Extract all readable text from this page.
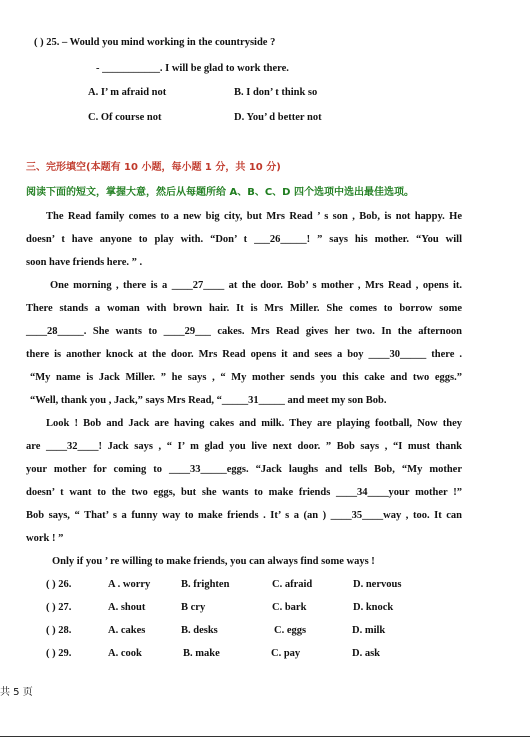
( ) 25. – Would you mind working in the countryside ?
- ___________. I will be glad to work there.
A. I’ m afraid not	B. I don’ t think so
C. Of course not	D. You’ d better not
三、完形填空(本题有 10 小题，每小题 1 分，共 10 分)
阅读下面的短文，掌握大意，然后从每题所给 A、B、C、D 四个选项中选出最佳选项。
The Read family comes to a new big city, but Mrs Read ’ s son , Bob, is not happy. He
doesn’ t have anyone to play with. “Don’ t ___26_____! ” says his mother. “You will
soon have friends here. ” .
One morning , there is a ____27____ at the door. Bob’ s mother , Mrs Read , opens it.
There stands a woman with brown hair. It is Mrs Miller. She comes to borrow some
____28_____. She wants to ____29___ cakes. Mrs Read gives her two. In the afternoon
there is another knock at the door. Mrs Read opens it and sees a boy ____30_____ there .
“My name is Jack Miller. ” he says , “ My mother sends you this cake and two eggs.”
“Well, thank you , Jack,” says Mrs Read, “_____31_____ and meet my son Bob.
Look ! Bob and Jack are having cakes and milk. They are playing football, Now they
are ____32____! Jack says , “ I’ m glad you live next door. ” Bob says , “I must thank
your mother for coming to ____33_____eggs. “Jack laughs and tells Bob, “My mother
doesn’ t want to the two eggs, but she wants to make friends ____34____your mother !”
Bob says, “ That’ s a funny way to make friends . It’ s a (an ) ____35____way , too. It can
work ! ”
Only if you ’ re willing to make friends, you can always find some ways !
( ) 26.	A . worry	B. frighten	C. afraid	D. nervous
( ) 27.	A. shout	B cry	C. bark	D. knock
( ) 28.	A. cakes	B. desks	C. eggs	D. milk
( ) 29.	A. cook	B. make	C. pay	D. ask
共 5 页
